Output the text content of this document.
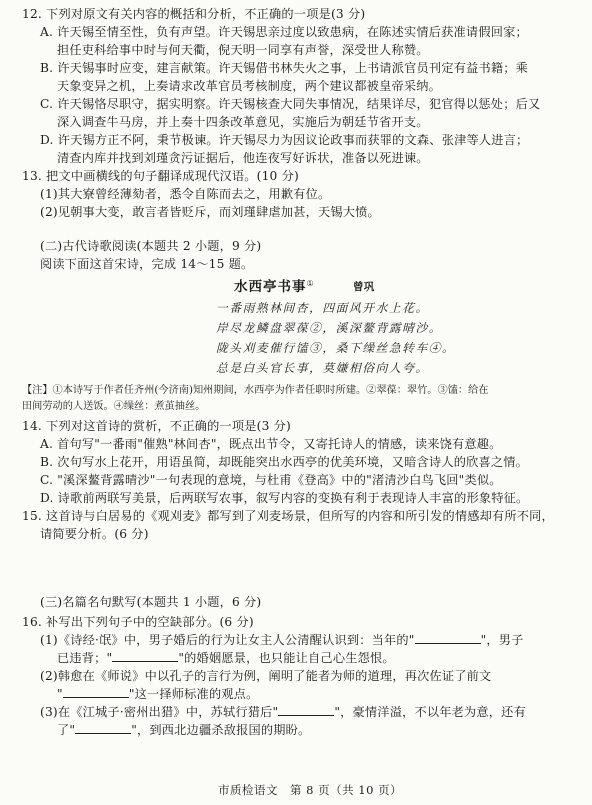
12. 下列对原文有关内容的概括和分析，不正确的一项是(3 分)
A. 许天锡至情至性，负有声望。许天锡思亲过度以致患病，在陈述实情后获准请假回家；
担任吏科给事中时与何天衢，倪天明一同享有声誉，深受世人称赞。
B. 许天锡事时应变，建言献策。许天锡借书林失火之事，上书请派官员刊定有益书籍；乘
天象变异之机，上奏请求改革官员考核制度，两个建议都被皇帝采纳。
C. 许天锡恪尽职守，据实明察。许天锡核查大同失事情况，结果详尽，犯官得以惩处；后又
深入调查牛马房，并上奏十四条改革意见，实施后为朝廷节省开支。
D. 许天锡方正不阿，秉节极谏。许天锡尽力为因议论政事而获罪的文森、张津等人进言；
清查内库并找到刘瑾贪污证据后，他连夜写好诉状，准备以死进谏。
13. 把文中画横线的句子翻译成现代汉语。(10 分)
(1)其大寮曾经薄劾者，悉令自陈而去之，用歉有位。
(2)见朝事大变，敢言者皆贬斥，而刘瑾肆虐加甚，天锡大愤。
(二)古代诗歌阅读(本题共 2 小题，9 分)
阅读下面这首宋诗，完成 14～15 题。
水西亭书事①	曾巩
一番雨熟林间杏，四面风开水上花。
岸尽龙鳞盘翠葆②，溪深鳌背露晴沙。
陇头刈麦催行馌③，桑下缲丝急转车④。
总是白头官长事，莫嫌相俗向人夸。
【注】①本诗写于作者任齐州(今济南)知州期间，水西亭为作者任职时所建。②翠葆：翠竹。③馌：给在
田间劳动的人送饭。④缲丝：煮茧抽丝。
14. 下列对这首诗的赏析，不正确的一项是(3 分)
A. 首句写"一番雨"催熟"林间杏"，既点出节令，又寄托诗人的情感，读来饶有意趣。
B. 次句写水上花开，用语虽简，却既能突出水西亭的优美环境，又暗含诗人的欣喜之情。
C. "溪深鳌背露晴沙"一句表现的意境，与杜甫《登高》中的"渚清沙白鸟飞回"类似。
D. 诗歌前两联写美景，后两联写农事，叙写内容的变换有利于表现诗人丰富的形象特征。
15. 这首诗与白居易的《观刈麦》都写到了刈麦场景，但所写的内容和所引发的情感却有所不同，
请简要分析。(6 分)
(三)名篇名句默写(本题共 1 小题，6 分)
16. 补写出下列句子中的空缺部分。(6 分)
(1)《诗经·氓》中，男子婚后的行为让女主人公清醒认识到：当年的"	"，男子
已违背；"	"的婚姻愿景，也只能让自己心生怨恨。
(2)韩愈在《师说》中以孔子的言行为例，阐明了能者为师的道理，再次佐证了前文
"	"这一择师标准的观点。
(3)在《江城子·密州出猎》中，苏轼行猎后"	"，豪情洋溢，不以年老为意，还有
了"	"，到西北边疆杀敌报国的期盼。
市质检语文　第 8 页（共 10 页）
